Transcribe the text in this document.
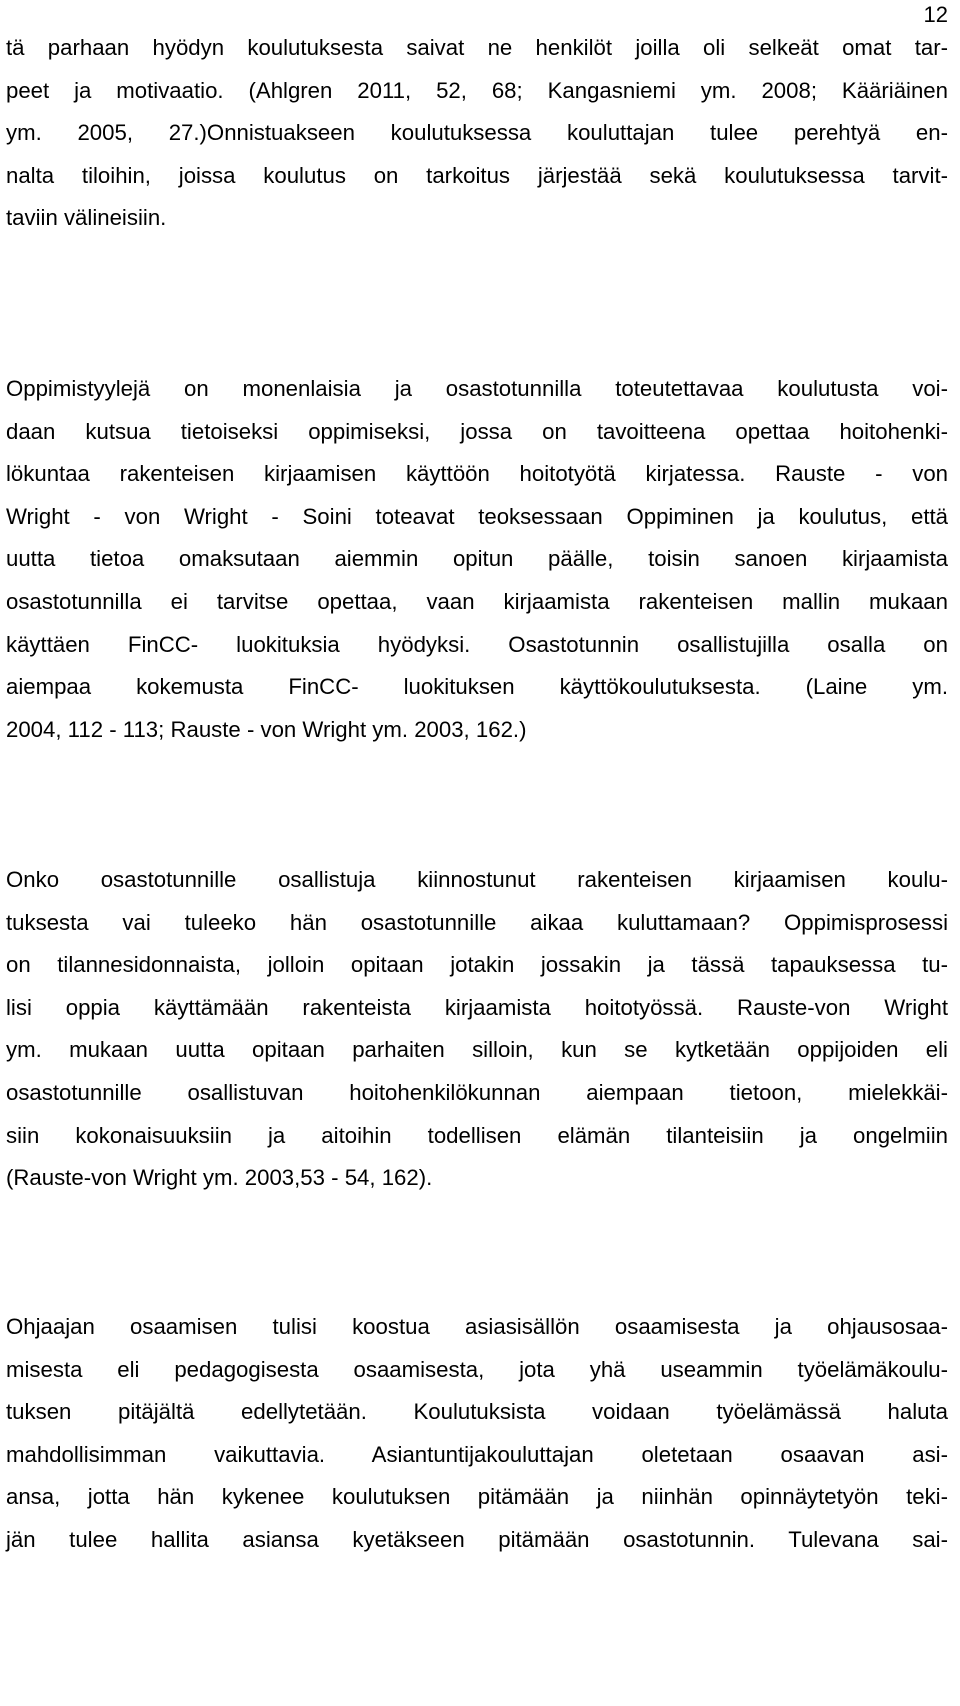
12

tä parhaan hyödyn koulutuksesta saivat ne henkilöt joilla oli selkeät omat tar-
peet ja motivaatio. (Ahlgren 2011, 52, 68; Kangasniemi ym. 2008; Kääriäinen
ym. 2005, 27.)Onnistuakseen koulutuksessa kouluttajan tulee perehtyä en-
nalta tiloihin, joissa koulutus on tarkoitus järjestää sekä koulutuksessa tarvit-
taviin välineisiin.

Oppimistyylejä on monenlaisia ja osastotunnilla toteutettavaa koulutusta voi-
daan kutsua tietoiseksi oppimiseksi, jossa on tavoitteena opettaa hoitohenki-
lökuntaa rakenteisen kirjaamisen käyttöön hoitotyötä kirjatessa. Rauste - von
Wright - von Wright - Soini toteavat teoksessaan Oppiminen ja koulutus, että
uutta tietoa omaksutaan aiemmin opitun päälle, toisin sanoen kirjaamista
osastotunnilla ei tarvitse opettaa, vaan kirjaamista rakenteisen mallin mukaan
käyttäen FinCC- luokituksia hyödyksi. Osastotunnin osallistujilla osalla on
aiempaa kokemusta FinCC- luokituksen käyttökoulutuksesta. (Laine ym.
2004, 112 - 113; Rauste - von Wright ym. 2003, 162.)

Onko osastotunnille osallistuja kiinnostunut rakenteisen kirjaamisen koulu-
tuksesta vai tuleeko hän osastotunnille aikaa kuluttamaan? Oppimisprosessi
on tilannesidonnaista, jolloin opitaan jotakin jossakin ja tässä tapauksessa tu-
lisi oppia käyttämään rakenteista kirjaamista hoitotyössä. Rauste-von Wright
ym. mukaan uutta opitaan parhaiten silloin, kun se kytketään oppijoiden eli
osastotunnille osallistuvan hoitohenkilökunnan aiempaan tietoon, mielekkäi-
siin kokonaisuuksiin ja aitoihin todellisen elämän tilanteisiin ja ongelmiin
(Rauste-von Wright ym. 2003,53 - 54, 162).

Ohjaajan osaamisen tulisi koostua asiasisällön osaamisesta ja ohjausosaa-
misesta eli pedagogisesta osaamisesta, jota yhä useammin työelämäkoulu-
tuksen pitäjältä edellytetään. Koulutuksista voidaan työelämässä haluta
mahdollisimman vaikuttavia. Asiantuntijakouluttajan oletetaan osaavan asi-
ansa, jotta hän kykenee koulutuksen pitämään ja niinhän opinnäytetyön teki-
jän tulee hallita asiansa kyetäkseen pitämään osastotunnin. Tulevana sai-
